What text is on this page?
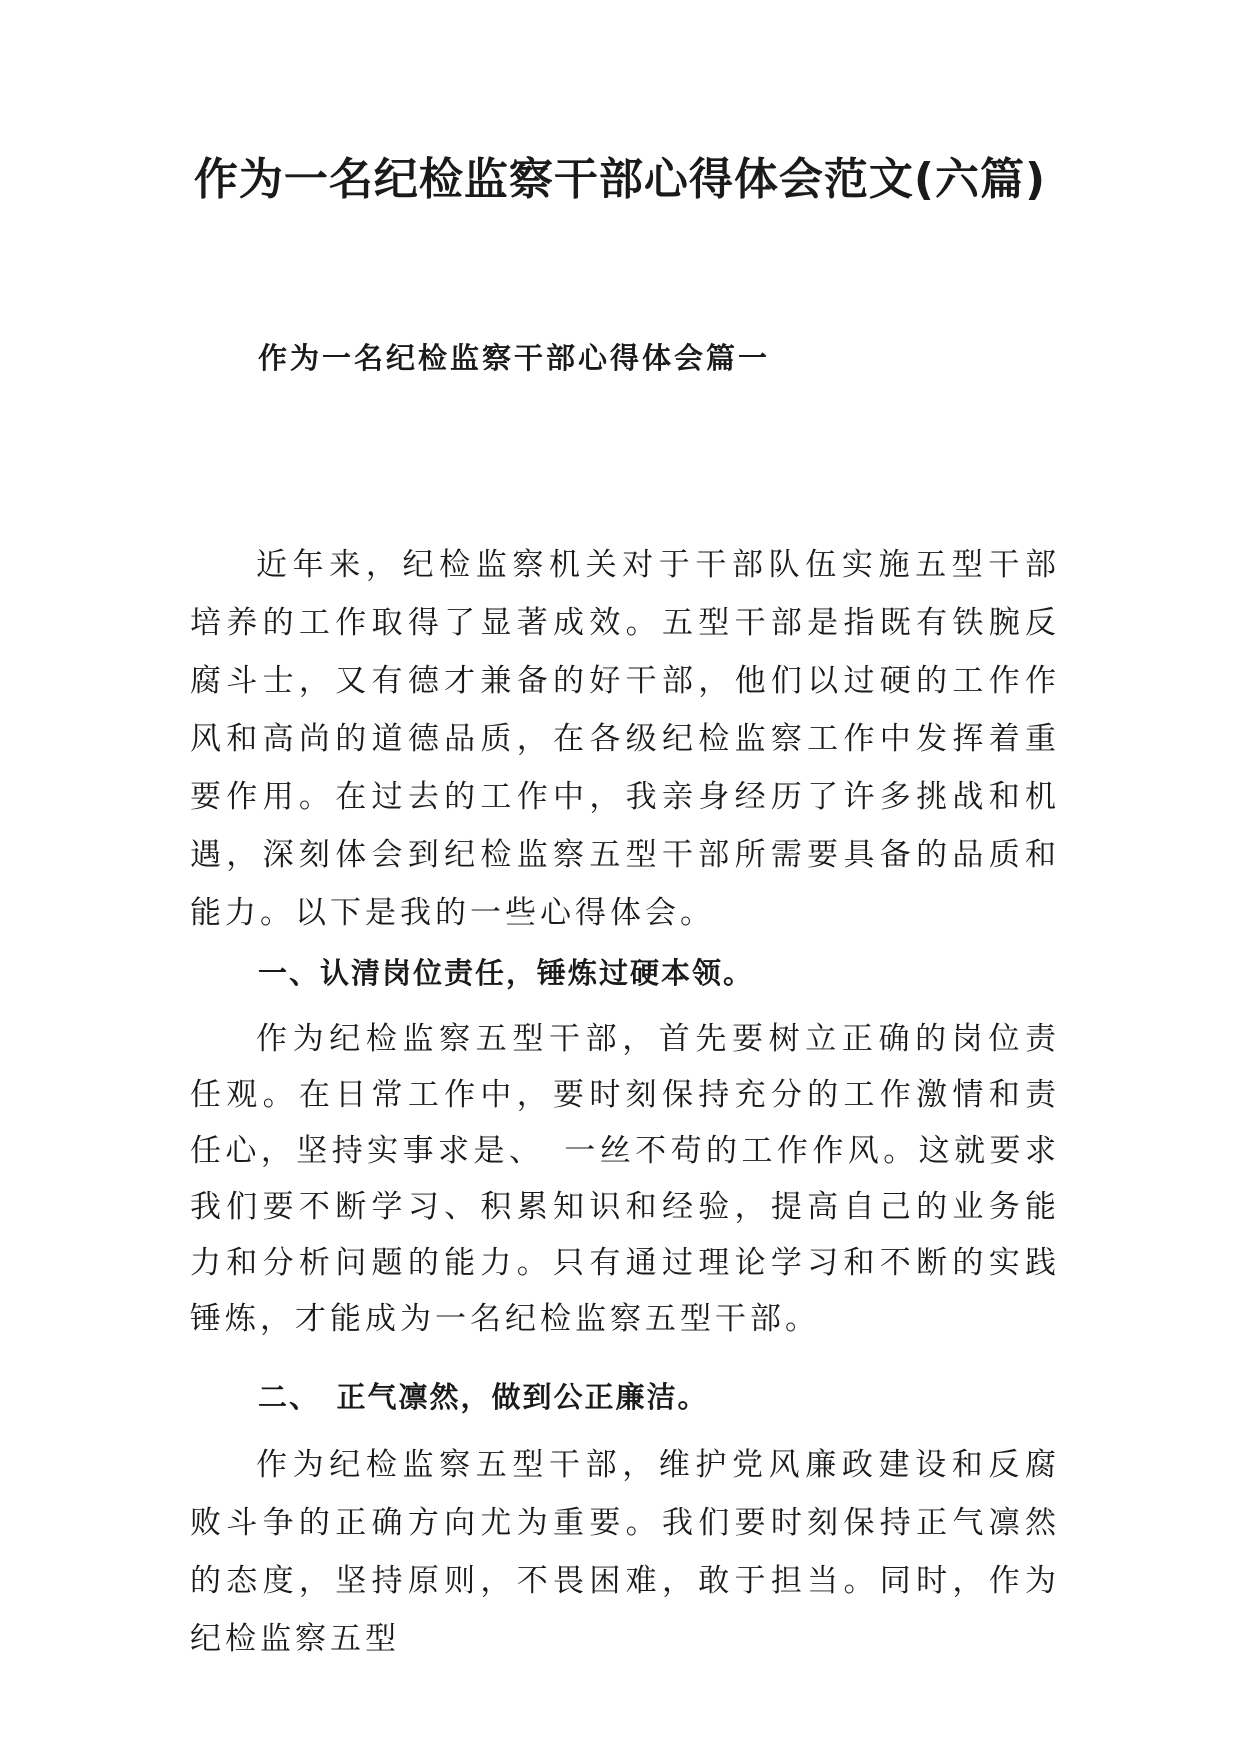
作为一名纪检监察干部心得体会范文(六篇)
作为一名纪检监察干部心得体会篇一

近年来，纪检监察机关对于干部队伍实施五型干部培养的工作取得了显著成效。五型干部是指既有铁腕反腐斗士，又有德才兼备的好干部，他们以过硬的工作作风和高尚的道德品质，在各级纪检监察工作中发挥着重要作用。在过去的工作中，我亲身经历了许多挑战和机遇，深刻体会到纪检监察五型干部所需要具备的品质和能力。以下是我的一些心得体会。

一、认清岗位责任，锤炼过硬本领。

作为纪检监察五型干部，首先要树立正确的岗位责任观。在日常工作中，要时刻保持充分的工作激情和责任心，坚持实事求是、　一丝不苟的工作作风。这就要求我们要不断学习、积累知识和经验，提高自己的业务能力和分析问题的能力。只有通过理论学习和不断的实践锤炼，才能成为一名纪检监察五型干部。

二、　正气凛然，做到公正廉洁。

作为纪检监察五型干部，维护党风廉政建设和反腐败斗争的正确方向尤为重要。我们要时刻保持正气凛然的态度，坚持原则，不畏困难，敢于担当。同时，作为纪检监察五型
